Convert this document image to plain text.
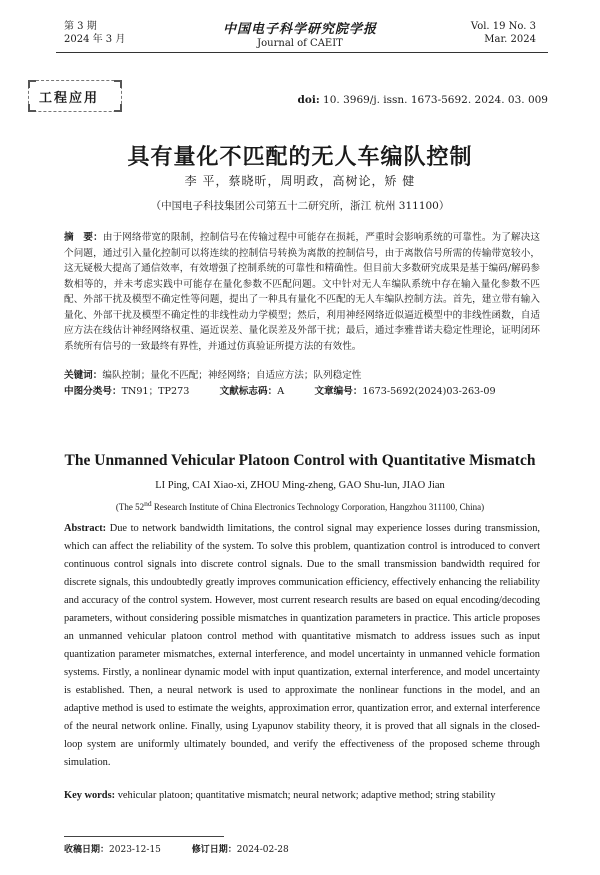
第 3 期
2024 年 3 月
中国电子科学研究院学报
Journal of CAEIT
Vol. 19 No. 3
Mar. 2024
工程应用	doi: 10. 3969/j. issn. 1673-5692. 2024. 03. 009
具有量化不匹配的无人车编队控制
李 平，蔡晓昕，周明政，高树论，矫 健
（中国电子科技集团公司第五十二研究所，浙江 杭州 311100）
摘　要：由于网络带宽的限制，控制信号在传输过程中可能存在损耗，严重时会影响系统的可靠性。为了解决这个问题，通过引入量化控制可以将连续的控制信号转换为离散的控制信号，由于离散信号所需的传输带宽较小，这无疑极大提高了通信效率，有效增强了控制系统的可靠性和精确性。但目前大多数研究成果是基于编码/解码参数相等的，并未考虑实践中可能存在量化参数不匹配问题。文中针对无人车编队系统中存在输入量化参数不匹配、外部干扰及模型不确定性等问题，提出了一种具有量化不匹配的无人车编队控制方法。首先，建立带有输入量化、外部干扰及模型不确定性的非线性动力学模型；然后，利用神经网络近似逼近模型中的非线性函数，自适应方法在线估计神经网络权重、逼近误差、量化误差及外部干扰；最后，通过李雅普诺夫稳定性理论，证明闭环系统所有信号的一致最终有界性，并通过仿真验证所提方法的有效性。
关键词：编队控制；量化不匹配；神经网络；自适应方法；队列稳定性
中图分类号：TN91；TP273	文献标志码：A	文章编号：1673-5692(2024)03-263-09
The Unmanned Vehicular Platoon Control with Quantitative Mismatch
LI Ping, CAI Xiao-xi, ZHOU Ming-zheng, GAO Shu-lun, JIAO Jian
(The 52nd Research Institute of China Electronics Technology Corporation, Hangzhou 311100, China)
Abstract: Due to network bandwidth limitations, the control signal may experience losses during transmission, which can affect the reliability of the system. To solve this problem, quantization control is introduced to convert continuous control signals into discrete control signals. Due to the small transmission bandwidth required for discrete signals, this undoubtedly greatly improves communication efficiency, effectively enhancing the reliability and accuracy of the control system. However, most current research results are based on equal encoding/decoding parameters, without considering possible mismatches in quantization parameters in practice. This article proposes an unmanned vehicular platoon control method with quantitative mismatch to address issues such as input quantization parameter mismatches, external interference, and model uncertainty in unmanned vehicle formation systems. Firstly, a nonlinear dynamic model with input quantization, external interference, and model uncertainty is established. Then, a neural network is used to approximate the nonlinear functions in the model, and an adaptive method is used to estimate the weights, approximation error, quantization error, and external interference of the neural network online. Finally, using Lyapunov stability theory, it is proved that all signals in the closed-loop system are uniformly ultimately bounded, and verify the effectiveness of the proposed scheme through simulation.
Key words: vehicular platoon; quantitative mismatch; neural network; adaptive method; string stability
收稿日期：2023-12-15	修订日期：2024-02-28
